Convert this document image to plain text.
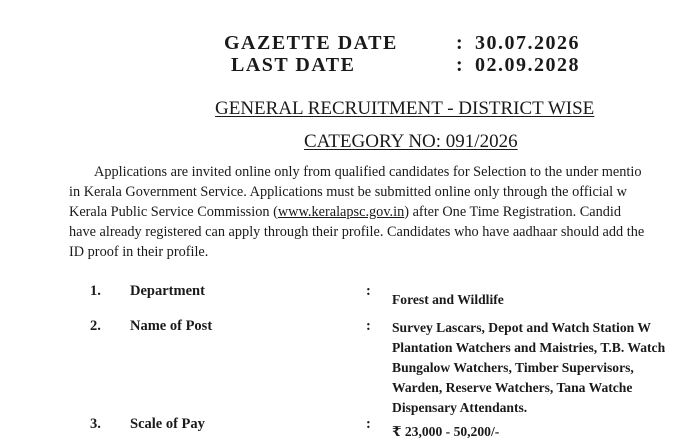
GAZETTE DATE	: 30.07.2026
LAST DATE	: 02.09.2028
GENERAL RECRUITMENT - DISTRICT WISE
CATEGORY NO: 091/2026
Applications are invited online only from qualified candidates for Selection to the under mentio
in Kerala Government Service. Applications must be submitted online only through the official w
Kerala Public Service Commission (www.keralapsc.gov.in) after One Time Registration. Candid
have already registered can apply through their profile. Candidates who have aadhaar should add the
ID proof in their profile.
1. Department	:
Forest and Wildlife
2. Name of Post	: Survey Lascars, Depot and Watch Station W
Plantation Watchers and Maistries, T.B. Watch
Bungalow Watchers, Timber Supervisors,
Warden, Reserve Watchers, Tana Watche
Dispensary Attendants.
3. Scale of Pay	: ₹ 23,000 - 50,200/-
